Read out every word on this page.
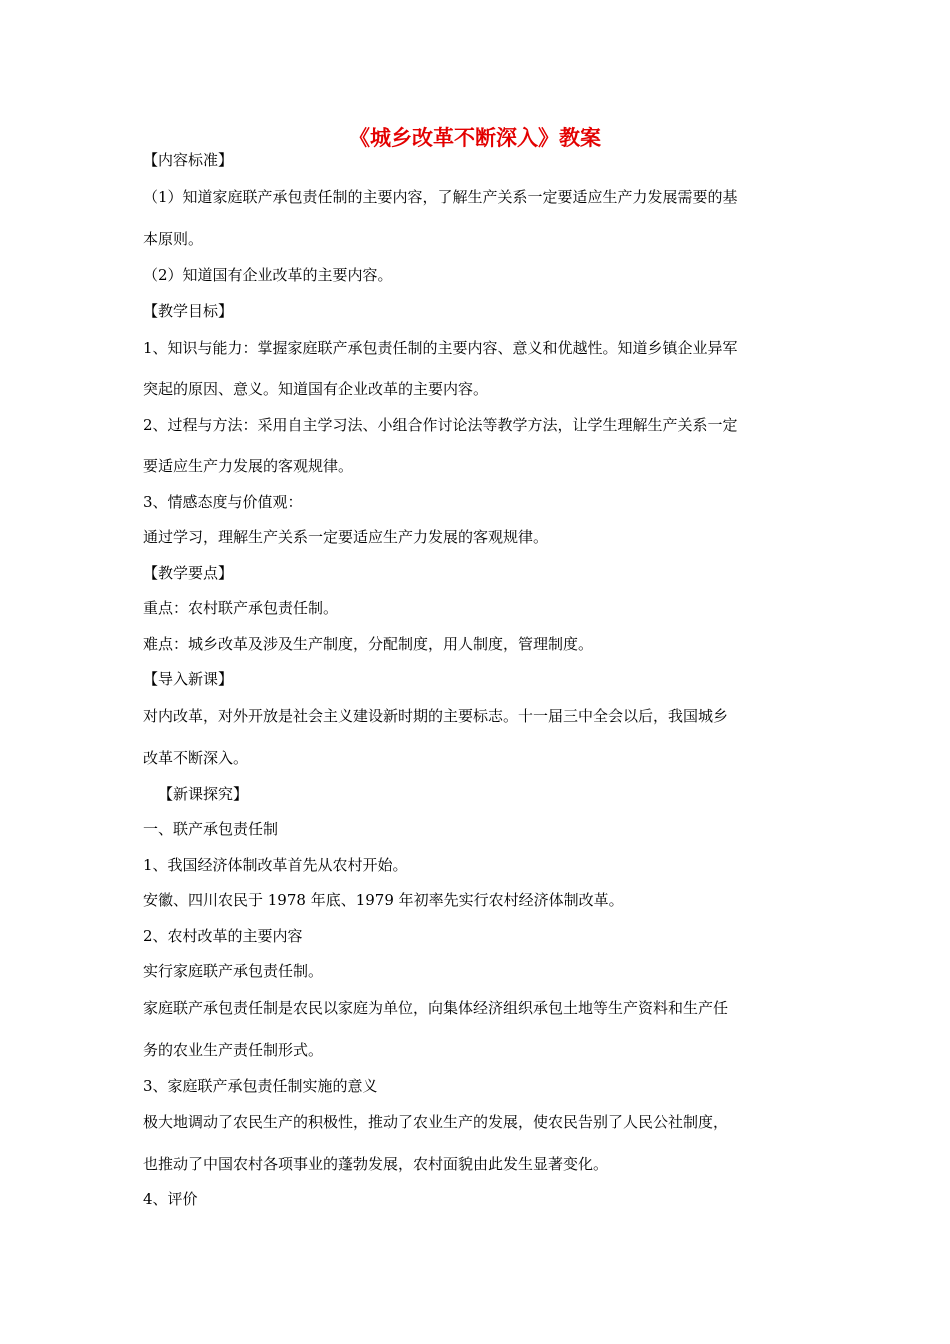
《城乡改革不断深入》教案
【内容标准】
（1）知道家庭联产承包责任制的主要内容，了解生产关系一定要适应生产力发展需要的基
本原则。
（2）知道国有企业改革的主要内容。
【教学目标】
1、知识与能力：掌握家庭联产承包责任制的主要内容、意义和优越性。知道乡镇企业异军
突起的原因、意义。知道国有企业改革的主要内容。
2、过程与方法：采用自主学习法、小组合作讨论法等教学方法，让学生理解生产关系一定
要适应生产力发展的客观规律。
3、情感态度与价值观：
通过学习，理解生产关系一定要适应生产力发展的客观规律。
【教学要点】
重点：农村联产承包责任制。
难点：城乡改革及涉及生产制度，分配制度，用人制度，管理制度。
【导入新课】
对内改革，对外开放是社会主义建设新时期的主要标志。十一届三中全会以后，我国城乡
改革不断深入。
【新课探究】
一、联产承包责任制
1、我国经济体制改革首先从农村开始。
安徽、四川农民于 1978 年底、1979 年初率先实行农村经济体制改革。
2、农村改革的主要内容
实行家庭联产承包责任制。
家庭联产承包责任制是农民以家庭为单位，向集体经济组织承包土地等生产资料和生产任
务的农业生产责任制形式。
3、家庭联产承包责任制实施的意义
极大地调动了农民生产的积极性，推动了农业生产的发展，使农民告别了人民公社制度，
也推动了中国农村各项事业的蓬勃发展，农村面貌由此发生显著变化。
4、评价
